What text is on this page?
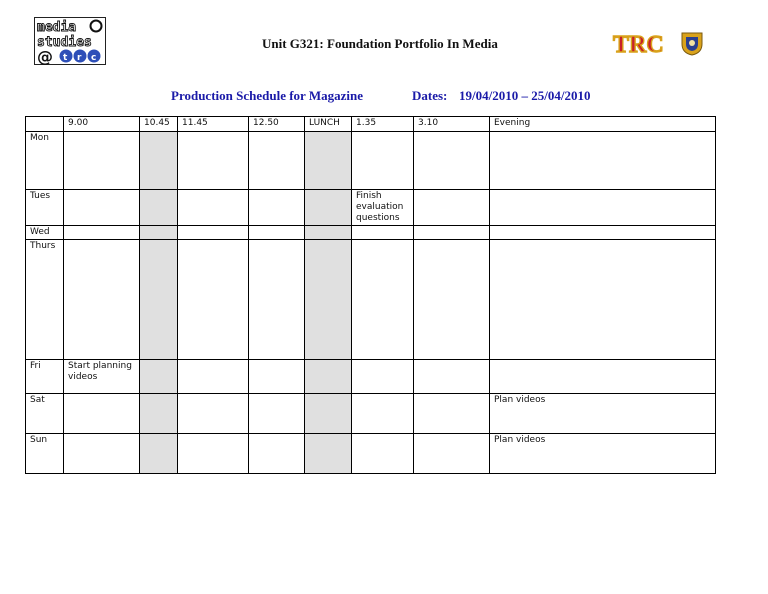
media
studies
@ t r c
Unit G321: Foundation Portfolio In Media	TRC
Production Schedule for Magazine	Dates: 19/04/2010 – 25/04/2010
	9.00	10.45	11.45	12.50	LUNCH	1.35	3.10	Evening
Mon								
Tues						Finish evaluation questions		
Wed								
Thurs								
Fri	Start planning videos							
Sat								Plan videos
Sun								Plan videos
